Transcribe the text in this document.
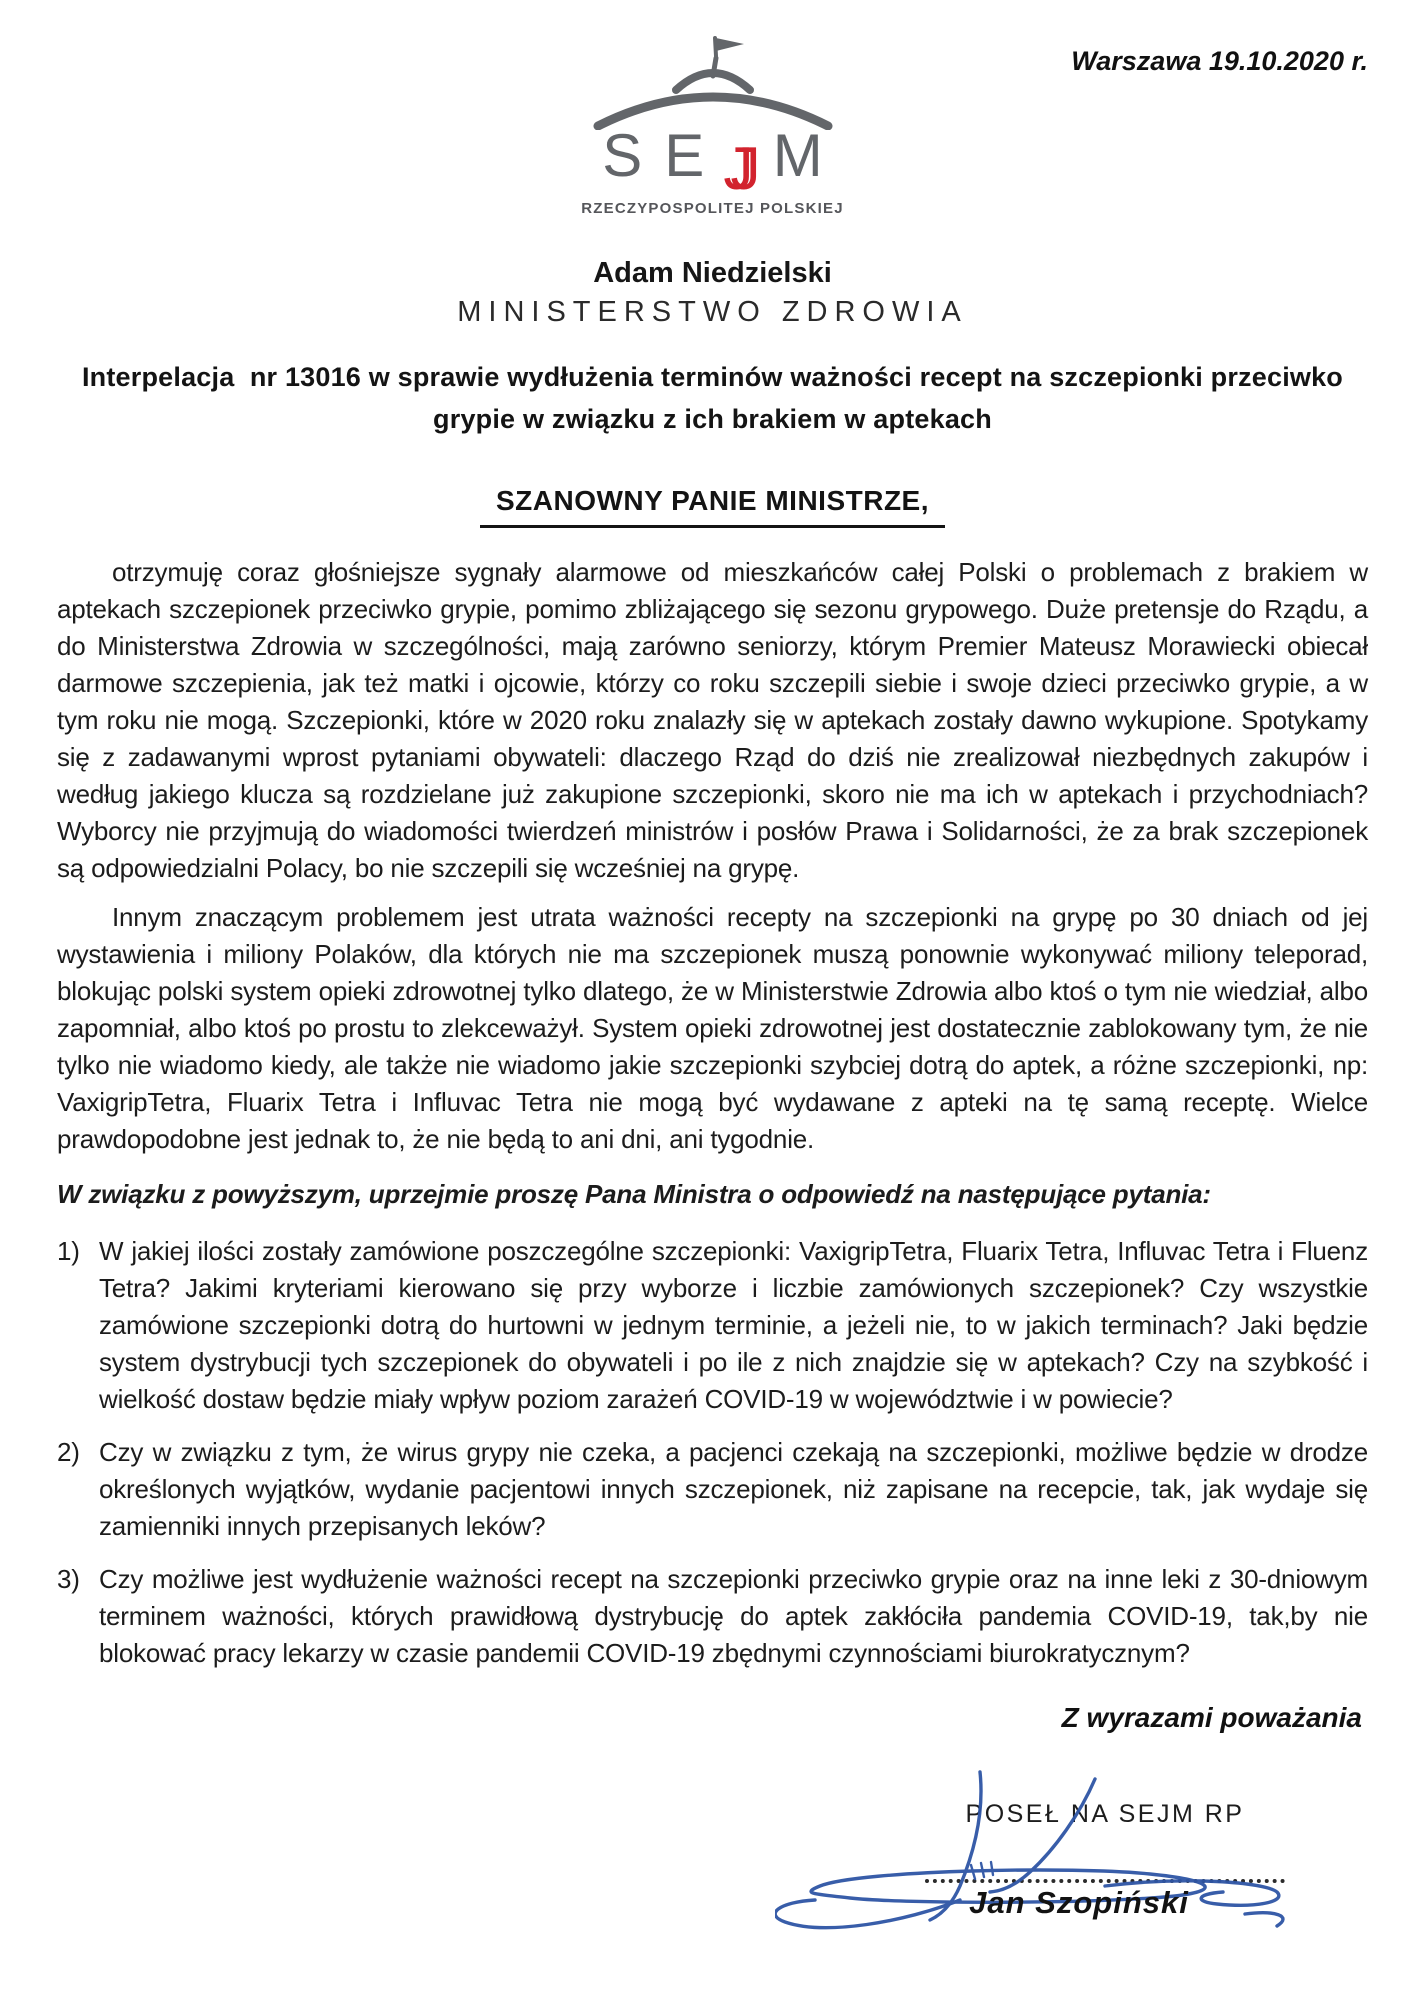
Warszawa 19.10.2020 r.
S E JJ M
RZECZYPOSPOLITEJ POLSKIEJ
Adam Niedzielski
MINISTERSTWO ZDROWIA
Interpelacja  nr 13016 w sprawie wydłużenia terminów ważności recept na szczepionki przeciwko grypie w związku z ich brakiem w aptekach
SZANOWNY PANIE MINISTRZE,

otrzymuję coraz głośniejsze sygnały alarmowe od mieszkańców całej Polski o problemach z brakiem w aptekach szczepionek przeciwko grypie, pomimo zbliżającego się sezonu grypowego. Duże pretensje do Rządu, a do Ministerstwa Zdrowia w szczególności, mają zarówno seniorzy, którym Premier Mateusz Morawiecki obiecał darmowe szczepienia, jak też matki i ojcowie, którzy co roku szczepili siebie i swoje dzieci przeciwko grypie, a w tym roku nie mogą. Szczepionki, które w 2020 roku znalazły się w aptekach zostały dawno wykupione. Spotykamy się z zadawanymi wprost pytaniami obywateli: dlaczego Rząd do dziś nie zrealizował niezbędnych zakupów i według jakiego klucza są rozdzielane już zakupione szczepionki, skoro nie ma ich w aptekach i przychodniach? Wyborcy nie przyjmują do wiadomości twierdzeń ministrów i posłów Prawa i Solidarności, że za brak szczepionek są odpowiedzialni Polacy, bo nie szczepili się wcześniej na grypę.

Innym znaczącym problemem jest utrata ważności recepty na szczepionki na grypę po 30 dniach od jej wystawienia i miliony Polaków, dla których nie ma szczepionek muszą ponownie wykonywać miliony teleporad, blokując polski system opieki zdrowotnej tylko dlatego, że w Ministerstwie Zdrowia albo ktoś o tym nie wiedział, albo zapomniał, albo ktoś po prostu to zlekceważył. System opieki zdrowotnej jest dostatecznie zablokowany tym, że nie tylko nie wiadomo kiedy, ale także nie wiadomo jakie szczepionki szybciej dotrą do aptek, a różne szczepionki, np: VaxigripTetra, Fluarix Tetra i Influvac Tetra nie mogą być wydawane z apteki na tę samą receptę. Wielce prawdopodobne jest jednak to, że nie będą to ani dni, ani tygodnie.

W związku z powyższym, uprzejmie proszę Pana Ministra o odpowiedź na następujące pytania:
1) W jakiej ilości zostały zamówione poszczególne szczepionki: VaxigripTetra, Fluarix Tetra, Influvac Tetra i Fluenz Tetra? Jakimi kryteriami kierowano się przy wyborze i liczbie zamówionych szczepionek? Czy wszystkie zamówione szczepionki dotrą do hurtowni w jednym terminie, a jeżeli nie, to w jakich terminach? Jaki będzie system dystrybucji tych szczepionek do obywateli i po ile z nich znajdzie się w aptekach? Czy na szybkość i wielkość dostaw będzie miały wpływ poziom zarażeń COVID-19 w województwie i w powiecie?
2) Czy w związku z tym, że wirus grypy nie czeka, a pacjenci czekają na szczepionki, możliwe będzie w drodze określonych wyjątków, wydanie pacjentowi innych szczepionek, niż zapisane na recepcie, tak, jak wydaje się zamienniki innych przepisanych leków?
3) Czy możliwe jest wydłużenie ważności recept na szczepionki przeciwko grypie oraz na inne leki z 30-dniowym terminem ważności, których prawidłową dystrybucję do aptek zakłóciła pandemia COVID-19, tak,by nie blokować pracy lekarzy w czasie pandemii COVID-19 zbędnymi czynnościami biurokratycznym?
Z wyrazami poważania
POSEŁ NA SEJM RP
Jan Szopiński
